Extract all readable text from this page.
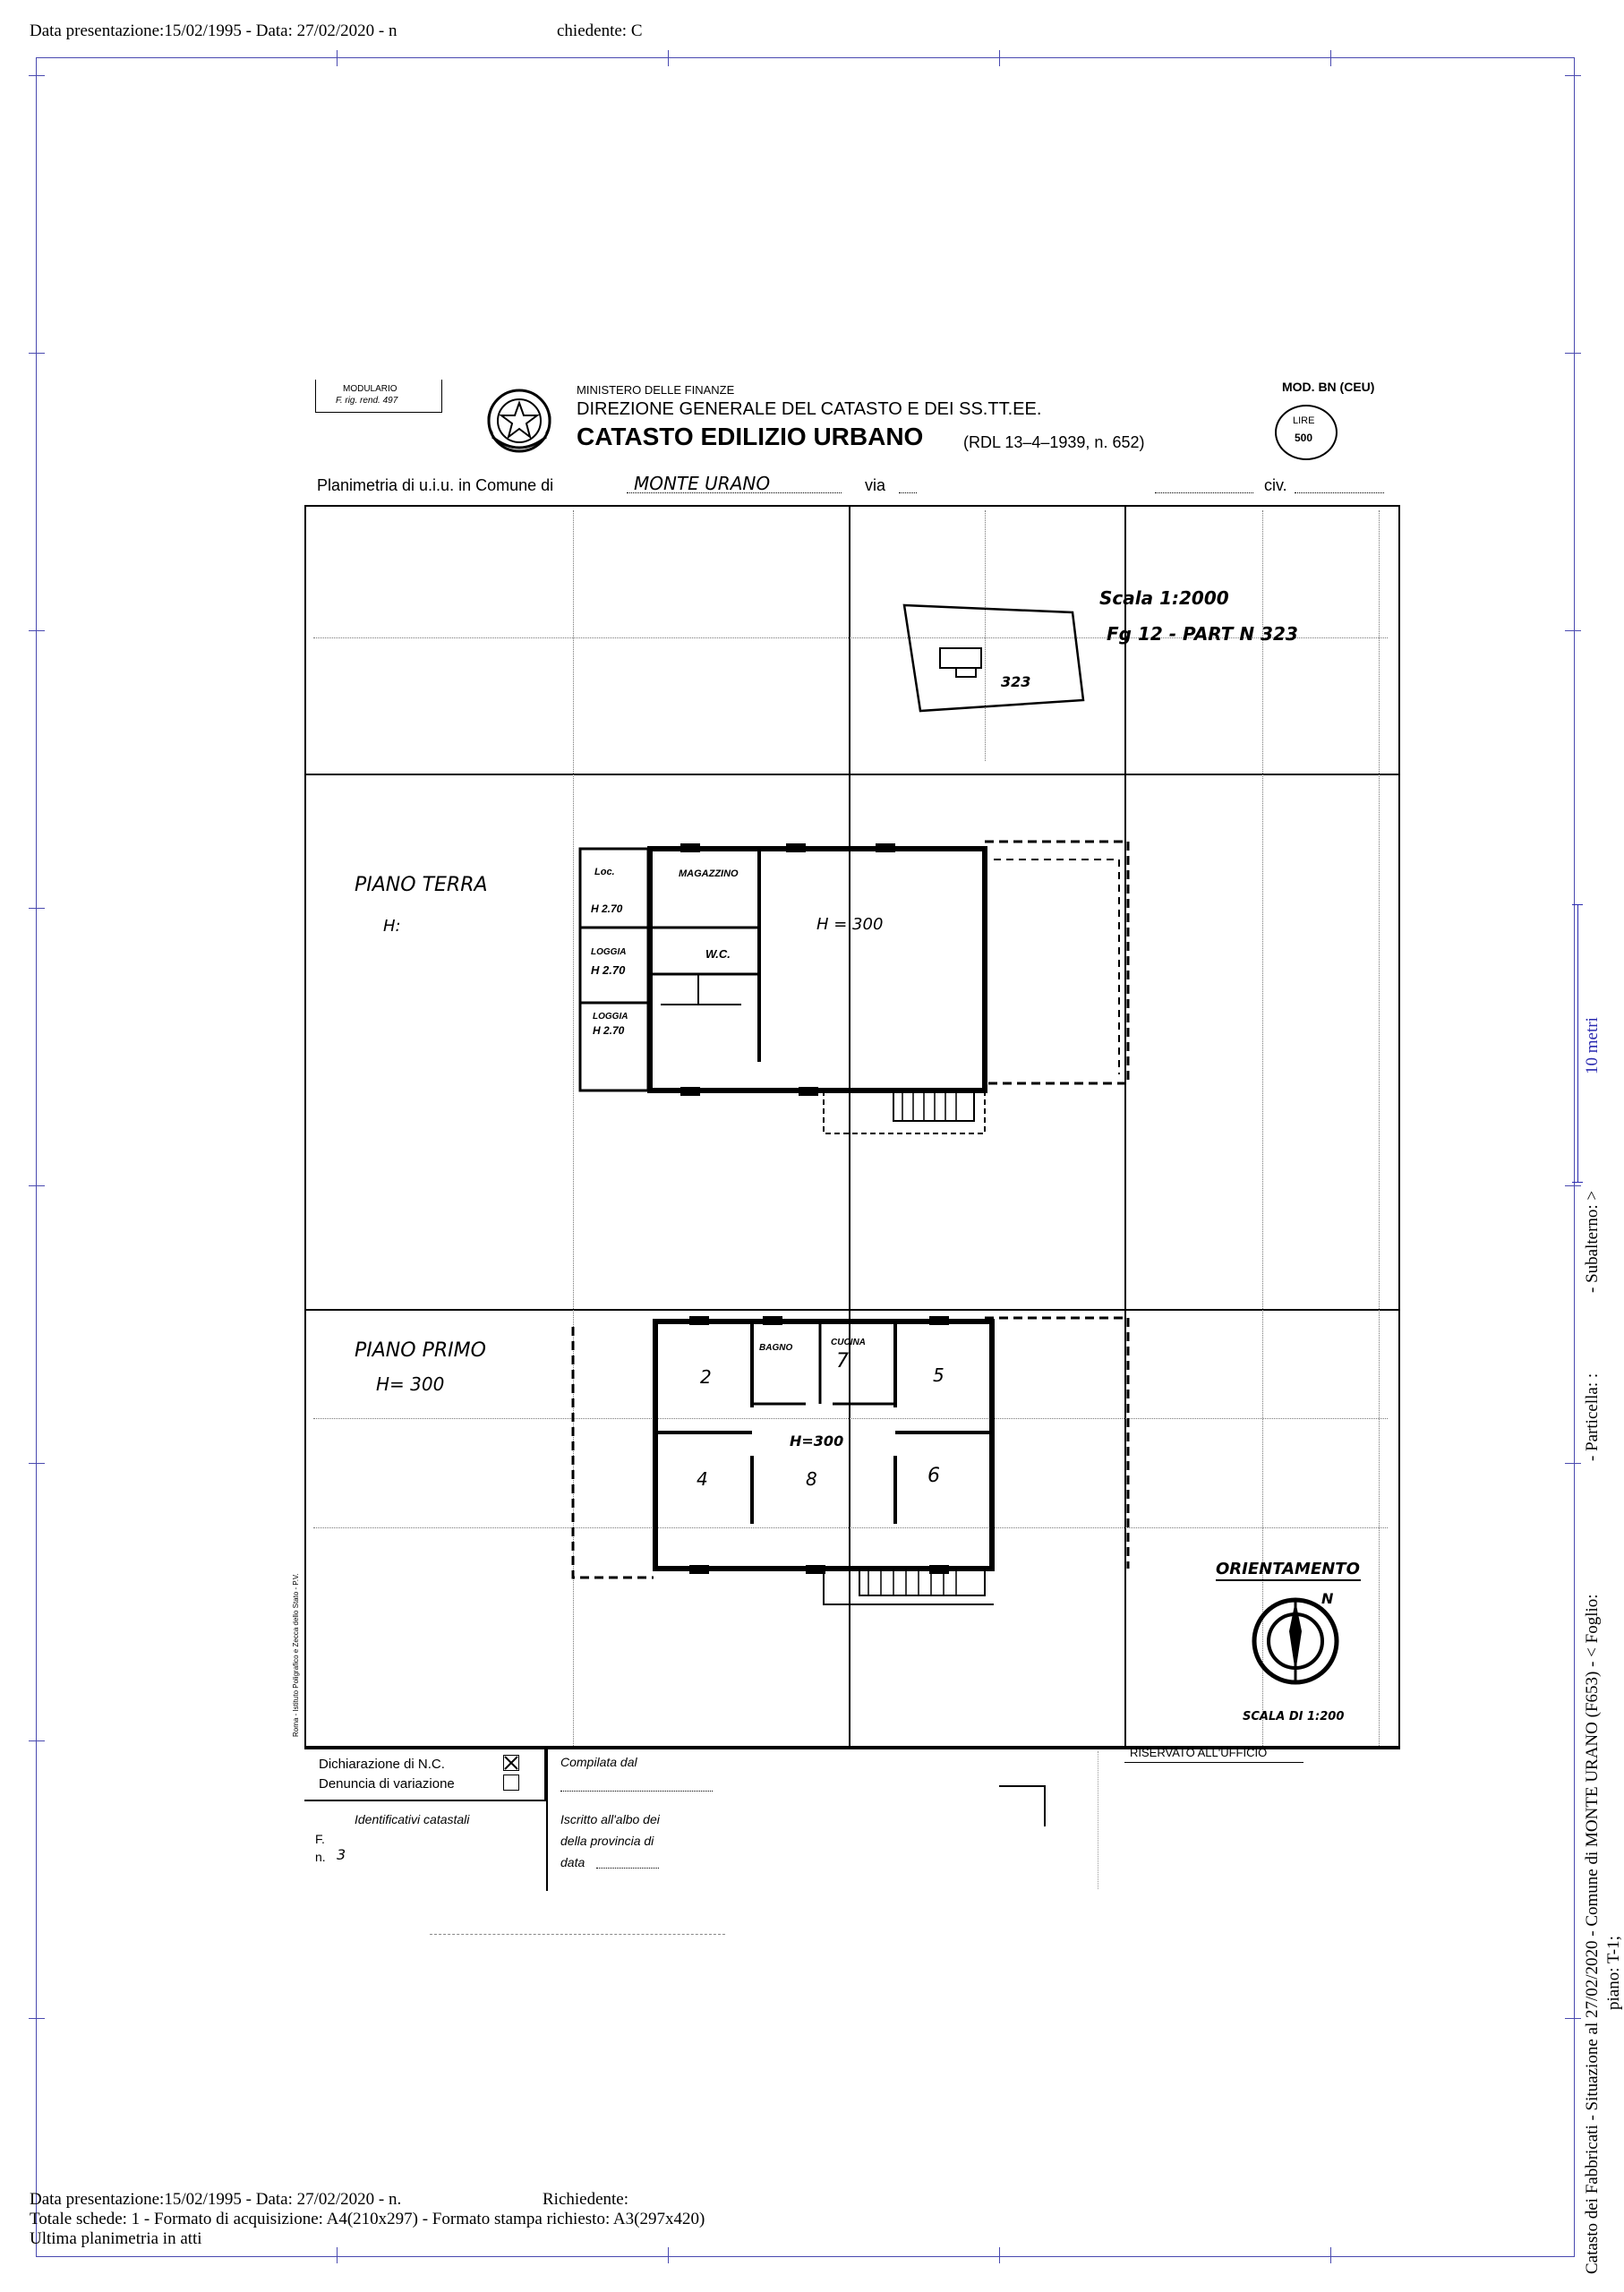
Data presentazione:15/02/1995 - Data: 27/02/2020 - n	chiedente: C
10 metri
- Subalterno: >
- Particella: :
Catasto dei Fabbricati - Situazione al 27/02/2020 - Comune di MONTE URANO (F653) - < Foglio: piano: T-1;
MODULARIO
F. rig. rend. 497
MINISTERO DELLE FINANZE
DIREZIONE GENERALE DEL CATASTO E DEI SS.TT.EE.
CATASTO EDILIZIO URBANO (RDL 13–4–1939, n. 652)
MOD. BN (CEU)
LIRE
500
Planimetria di u.i.u. in Comune di	MONTE URANO	via	civ.
Roma - Istituto Poligrafico e Zecca dello Stato - P.V.
Scala 1:2000
Fg 12 - PART N 323
323
PIANO TERRA
H:
Loc.
H 2.70
MAGAZZINO
H = 300
W.C.
LOGGIA
H 2.70
LOGGIA
H 2.70
PIANO PRIMO
H= 300
BAGNO
CUCINA
7
H=300
2	5
4	8	6
ORIENTAMENTO
N
SCALA DI 1:200
Dichiarazione di N.C.
Denuncia di variazione
Identificativi catastali
F.
n. 3
Compilata dal
Iscritto all'albo dei
della provincia di
data
RISERVATO ALL'UFFICIO
Data presentazione:15/02/1995 - Data: 27/02/2020 - n.	Richiedente:
Totale schede: 1 - Formato di acquisizione: A4(210x297) - Formato stampa richiesto: A3(297x420)
Ultima planimetria in atti
